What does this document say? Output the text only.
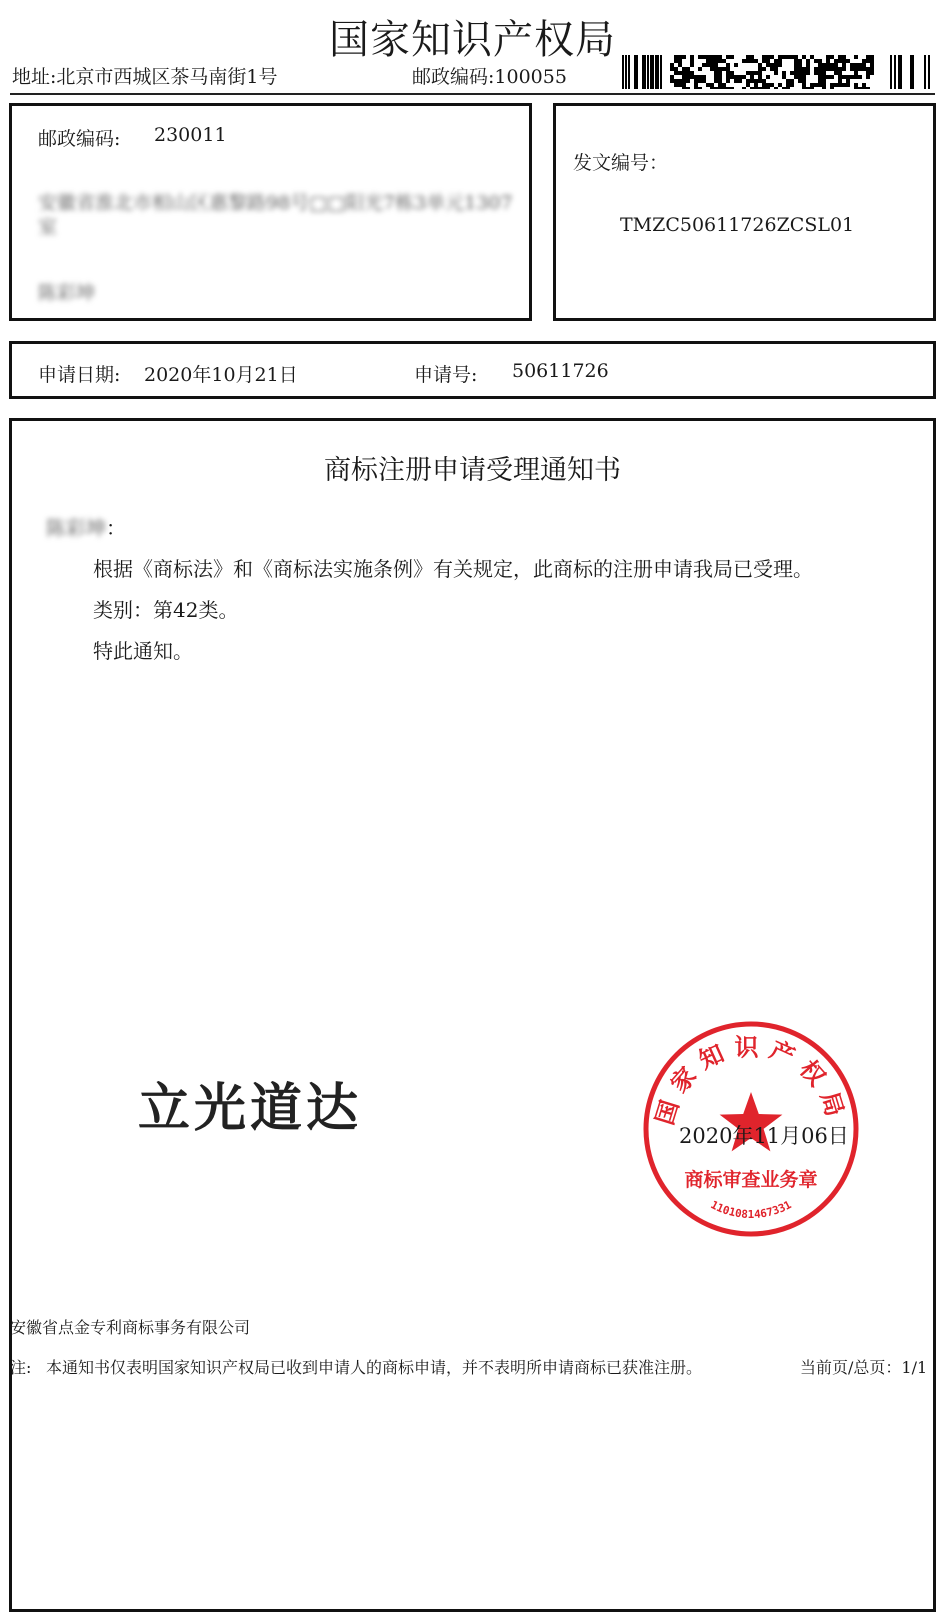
国家知识产权局
地址:北京市西城区茶马南街1号	邮政编码:100055
邮政编码: 230011
安徽省淮北市相山区惠黎路98号□□阳光7栋3单元1307
室
陈彩坤
发文编号：
TMZC50611726ZCSL01
申请日期: 2020年10月21日	申请号: 50611726
商标注册申请受理通知书
陈彩坤：
根据《商标法》和《商标法实施条例》有关规定，此商标的注册申请我局已受理。
类别：第42类。
特此通知。
立光道达	国家知识产权局
商标审查业务章
1101081467331
2020年11月06日
安徽省点金专利商标事务有限公司
注: 本通知书仅表明国家知识产权局已收到申请人的商标申请，并不表明所申请商标已获准注册。	当前页/总页：1/1
